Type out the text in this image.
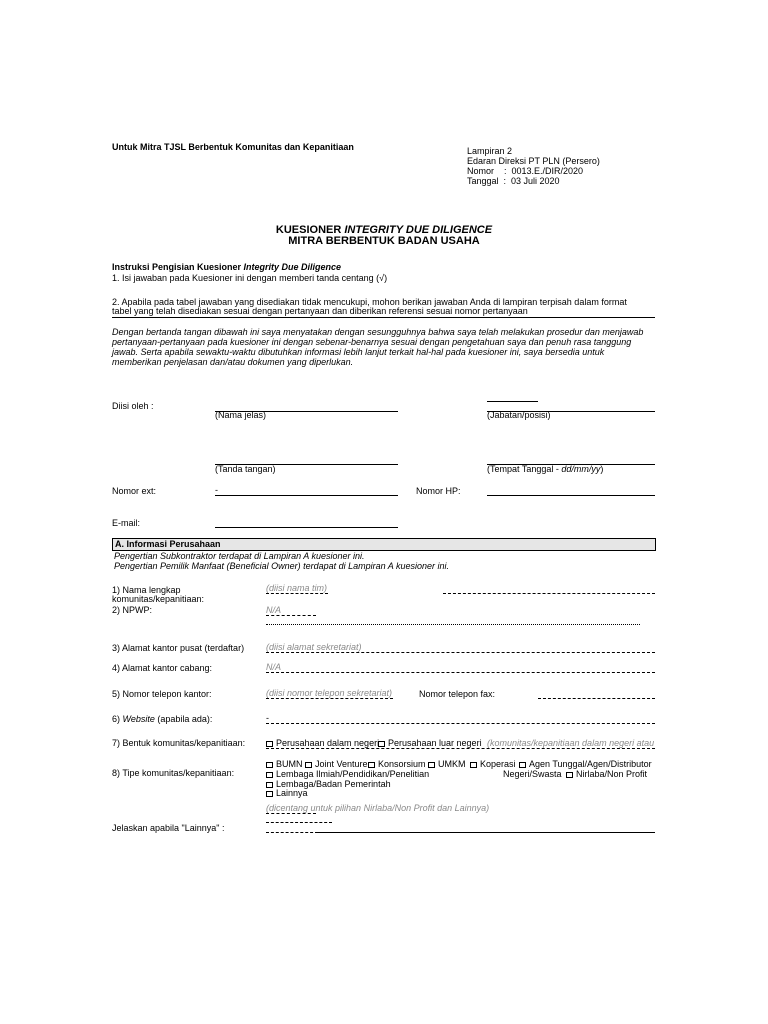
Untuk Mitra TJSL Berbentuk Komunitas dan Kepanitiaan	Lampiran 2
Edaran Direksi PT PLN (Persero)
Nomor    :  0013.E./DIR/2020
Tanggal  :  03 Juli 2020
KUESIONER INTEGRITY DUE DILIGENCE
MITRA BERBENTUK BADAN USAHA
Instruksi Pengisian Kuesioner Integrity Due Diligence
1. Isi jawaban pada Kuesioner ini dengan memberi tanda centang (√)
2. Apabila pada tabel jawaban yang disediakan tidak mencukupi, mohon berikan jawaban Anda di lampiran terpisah dalam format
tabel yang telah disediakan sesuai dengan pertanyaan dan diberikan referensi sesuai nomor pertanyaan
Dengan bertanda tangan dibawah ini saya menyatakan dengan sesungguhnya bahwa saya telah melakukan prosedur dan menjawab
pertanyaan-pertanyaan pada kuesioner ini dengan sebenar-benarnya sesuai dengan pengetahuan saya dan penuh rasa tanggung
jawab. Serta apabila sewaktu-waktu dibutuhkan informasi lebih lanjut terkait hal-hal pada kuesioner ini, saya bersedia untuk
memberikan penjelasan dan/atau dokumen yang diperlukan.
Diisi oleh :
(Nama jelas)	(Jabatan/posisi)
(Tanda tangan)	(Tempat Tanggal - dd/mm/yy)
Nomor ext:	-	Nomor HP:
E-mail:
A. Informasi Perusahaan
Pengertian Subkontraktor terdapat di Lampiran A kuesioner ini.
Pengertian Pemilik Manfaat (Beneficial Owner) terdapat di Lampiran A kuesioner ini.
1) Nama lengkap
komunitas/kepanitiaan:
(diisi nama tim)
2) NPWP:	N/A
3) Alamat kantor pusat (terdaftar) (diisi alamat sekretariat)
4) Alamat kantor cabang:	N/A
5) Nomor telepon kantor:	(diisi nomor telepon sekretariat)	Nomor telepon fax:
6) Website (apabila ada):	-
7) Bentuk komunitas/kepanitiaan:	Perusahaan dalam negeri Perusahaan luar negeri (komunitas/kepanitiaan dalam negeri atau
8) Tipe komunitas/kepanitiaan:
BUMN	Joint Venture	Konsorsium	UMKM	Koperasi	Agen Tunggal/Agen/Distributor
Lembaga Ilmiah/Pendidikan/Penelitian	Negeri/Swasta	Nirlaba/Non Profit
Lembaga/Badan Pemerintah
Lainnya
(dicentang untuk pilihan Nirlaba/Non Profit dan Lainnya)
Jelaskan apabila "Lainnya" :
